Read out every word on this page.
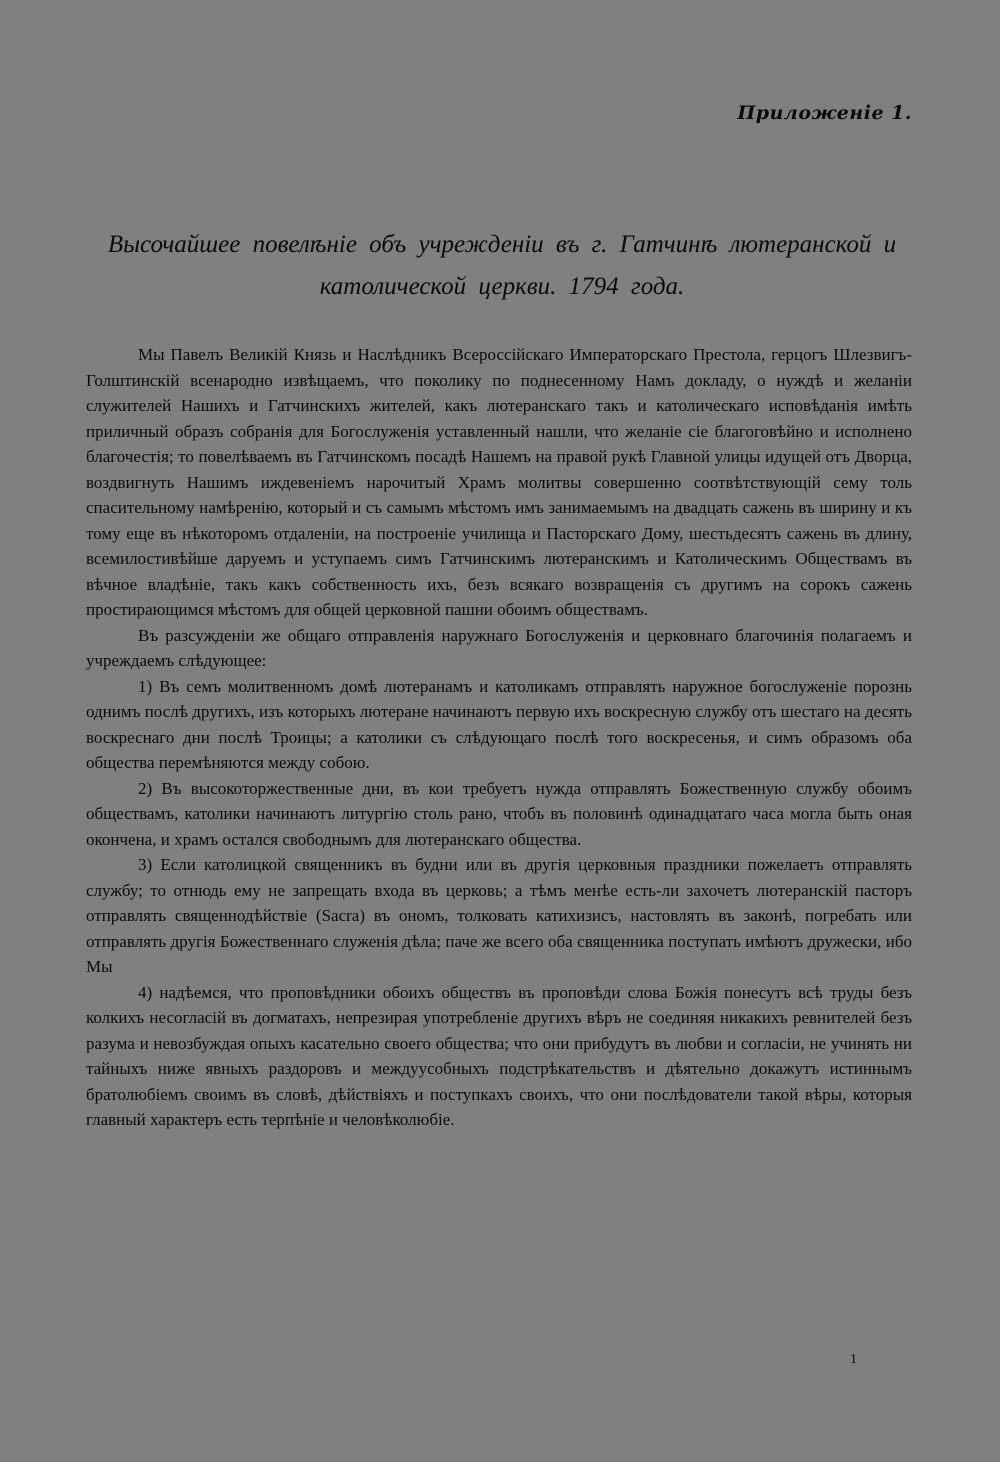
Приложеніе 1.
Высочайшее повелѣніе объ учрежденіи въ г. Гатчинѣ лютеранской и католической церкви. 1794 года.

Мы Павелъ Великій Князь и Наслѣдникъ Всероссійскаго Императорскаго Престола, герцогъ Шлезвигъ-Голштинскій всенародно извѣщаемъ, что поколику по поднесенному Намъ докладу, о нуждѣ и желаніи служителей Нашихъ и Гатчинскихъ жителей, какъ лютеранскаго такъ и католическаго исповѣданія имѣть приличный образъ собранія для Богослуженія уставленный нашли, что желаніе сіе благоговѣйно и исполнено благочестія; то повелѣваемъ въ Гатчинскомъ посадѣ Нашемъ на правой рукѣ Главной улицы идущей отъ Дворца, воздвигнуть Нашимъ иждевеніемъ нарочитый Храмъ молитвы совершенно соотвѣтствующій сему толь спасительному намѣренію, который и съ самымъ мѣстомъ имъ занимаемымъ на двадцать сажень въ ширину и къ тому еще въ нѣкоторомъ отдаленіи, на построеніе училища и Пасторскаго Дому, шестьдесятъ сажень въ длину, всемилостивѣйше даруемъ и уступаемъ симъ Гатчинскимъ лютеранскимъ и Католическимъ Обществамъ въ вѣчное владѣніе, такъ какъ собственность ихъ, безъ всякаго возвращенія съ другимъ на сорокъ сажень простирающимся мѣстомъ для общей церковной пашни обоимъ обществамъ.

Въ разсужденіи же общаго отправленія наружнаго Богослуженія и церковнаго благочинія полагаемъ и учреждаемъ слѣдующее:

1) Въ семъ молитвенномъ домѣ лютеранамъ и католикамъ отправлять наружное богослуженіе порознь однимъ послѣ другихъ, изъ которыхъ лютеране начинаютъ первую ихъ воскресную службу отъ шестаго на десять воскреснаго дни послѣ Троицы; а католики съ слѣдующаго послѣ того воскресенья, и симъ образомъ оба общества перемѣняются между собою.

2) Въ высокоторжественные дни, въ кои требуетъ нужда отправлять Божественную службу обоимъ обществамъ, католики начинаютъ литургію столь рано, чтобъ въ половинѣ одинадцатаго часа могла быть оная окончена, и храмъ остался свободнымъ для лютеранскаго общества.

3) Если католицкой священникъ въ будни или въ другія церковныя праздники пожелаетъ отправлять службу; то отнюдь ему не запрещать входа въ церковь; а тѣмъ менѣе есть-ли захочетъ лютеранскій пасторъ отправлять священнодѣйствіе (Sacra) въ ономъ, толковать катихизисъ, настовлять въ законѣ, погребать или отправлять другія Божественнаго служенія дѣла; паче же всего оба священника поступать имѣютъ дружески, ибо Мы

4) надѣемся, что проповѣдники обоихъ обществъ въ проповѣди слова Божія понесутъ всѣ труды безъ колкихъ несогласій въ догматахъ, непрезирая употребленіе другихъ вѣръ не соединяя никакихъ ревнителей безъ разума и невозбуждая опыхъ касательно своего общества; что они прибудутъ въ любви и согласіи, не учинять ни тайныхъ ниже явныхъ раздоровъ и междуусобныхъ подстрѣкательствъ и дѣятельно докажутъ истиннымъ братолюбіемъ своимъ въ словѣ, дѣйствіяхъ и поступкахъ своихъ, что они послѣдователи такой вѣры, которыя главный характеръ есть терпѣніе и человѣколюбіе.

1
